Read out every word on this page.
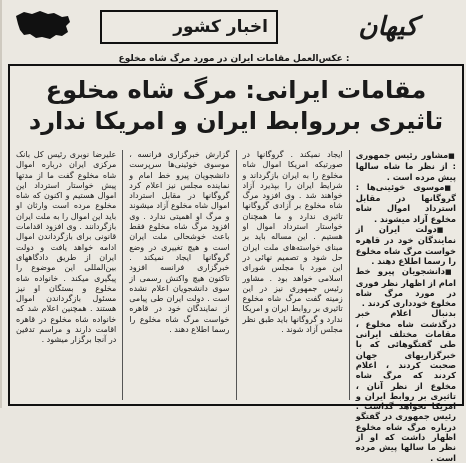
کیهان
اخبار کشور
عکس‌العمل مقامات ایران در مورد مرگ شاه مخلوع :
مقامات ایرانی: مرگ شاه مخلوع
تاثیری برروابط ایران و امریکا ندارد

■ مشاور رئیس جمهوری : از نظر ما شاه سالها پیش مرده است .

■ موسوی خوئینی‌ها : گروگانها در مقابل استرداد اموال شاه مخلوع آزاد میشوند .

■ دولت ایران از نمایندگان خود در قاهره خواست مرگ شاه مخلوع را رسما اطلاع دهند .

■ دانشجویان پیرو خط امام از اظهار نظر فوری در مورد مرگ شاه مخلوع خودداری کردند .

بدنبال اعلام خبر درگذشت شاه مخلوع ، مقامات مختلف ایرانی طی گفتگوهائی که با خبرگزاریهای جهان صحبت کردند ، اعلام کردند که مرگ شاه مخلوع از نظر آنان ، تاثیری بر روابط ایران و امریکا نخواهد گذاشت . رئیس جمهوری در گفتگو درباره مرگ شاه مخلوع اظهار داشت که او از نظر ما سالها پیش مرده است .

ایجاد نمیکند . گروگانها در صورتیکه امریکا اموال شاه مخلوع را به ایران بازگرداند و شرایط ایران را بپذیرد آزاد خواهند شد . وی افزود مرگ شاه مخلوع بر آزادی گروگانها تاثیری ندارد و ما همچنان خواستار استرداد اموال او هستیم . این مساله باید بر مبنای خواسته‌های ملت ایران حل شود و تصمیم نهائی در این مورد با مجلس شورای اسلامی خواهد بود . مشاور رئیس جمهوری نیز در این زمینه گفت مرگ شاه مخلوع تاثیری بر روابط ایران و امریکا ندارد و گروگانها باید طبق نظر مجلس آزاد شوند .

گزارش خبرگزاری فرانسه ، موسوی خوئینی‌ها سرپرست دانشجویان پیرو خط امام و نماینده مجلس نیز اعلام کرد گروگانها در مقابل استرداد اموال شاه مخلوع آزاد میشوند و مرگ او اهمیتی ندارد . وی افزود مرگ شاه مخلوع فقط باعث خوشحالی ملت ایران است و هیچ تغییری در وضع گروگانها ایجاد نمیکند . خبرگزاری فرانسه افزود تاکنون هیچ واکنش رسمی از سوی دانشجویان اعلام نشده است . دولت ایران طی پیامی از نمایندگان خود در قاهره خواست مرگ شاه مخلوع را رسما اطلاع دهند .

علیرضا نوبری رئیس کل بانک مرکزی ایران درباره اموال شاه مخلوع گفت ما از مدتها پیش خواستار استرداد این اموال هستیم و اکنون که شاه مخلوع مرده است وارثان او باید این اموال را به ملت ایران بازگردانند . وی افزود اقدامات قانونی برای بازگرداندن اموال ادامه خواهد یافت و دولت ایران از طریق دادگاههای بین‌المللی این موضوع را پیگیری میکند . خانواده شاه مخلوع و بستگان او نیز مسئول بازگرداندن اموال هستند . همچنین اعلام شد که خانواده شاه مخلوع در قاهره اقامت دارند و مراسم تدفین در آنجا برگزار میشود .
